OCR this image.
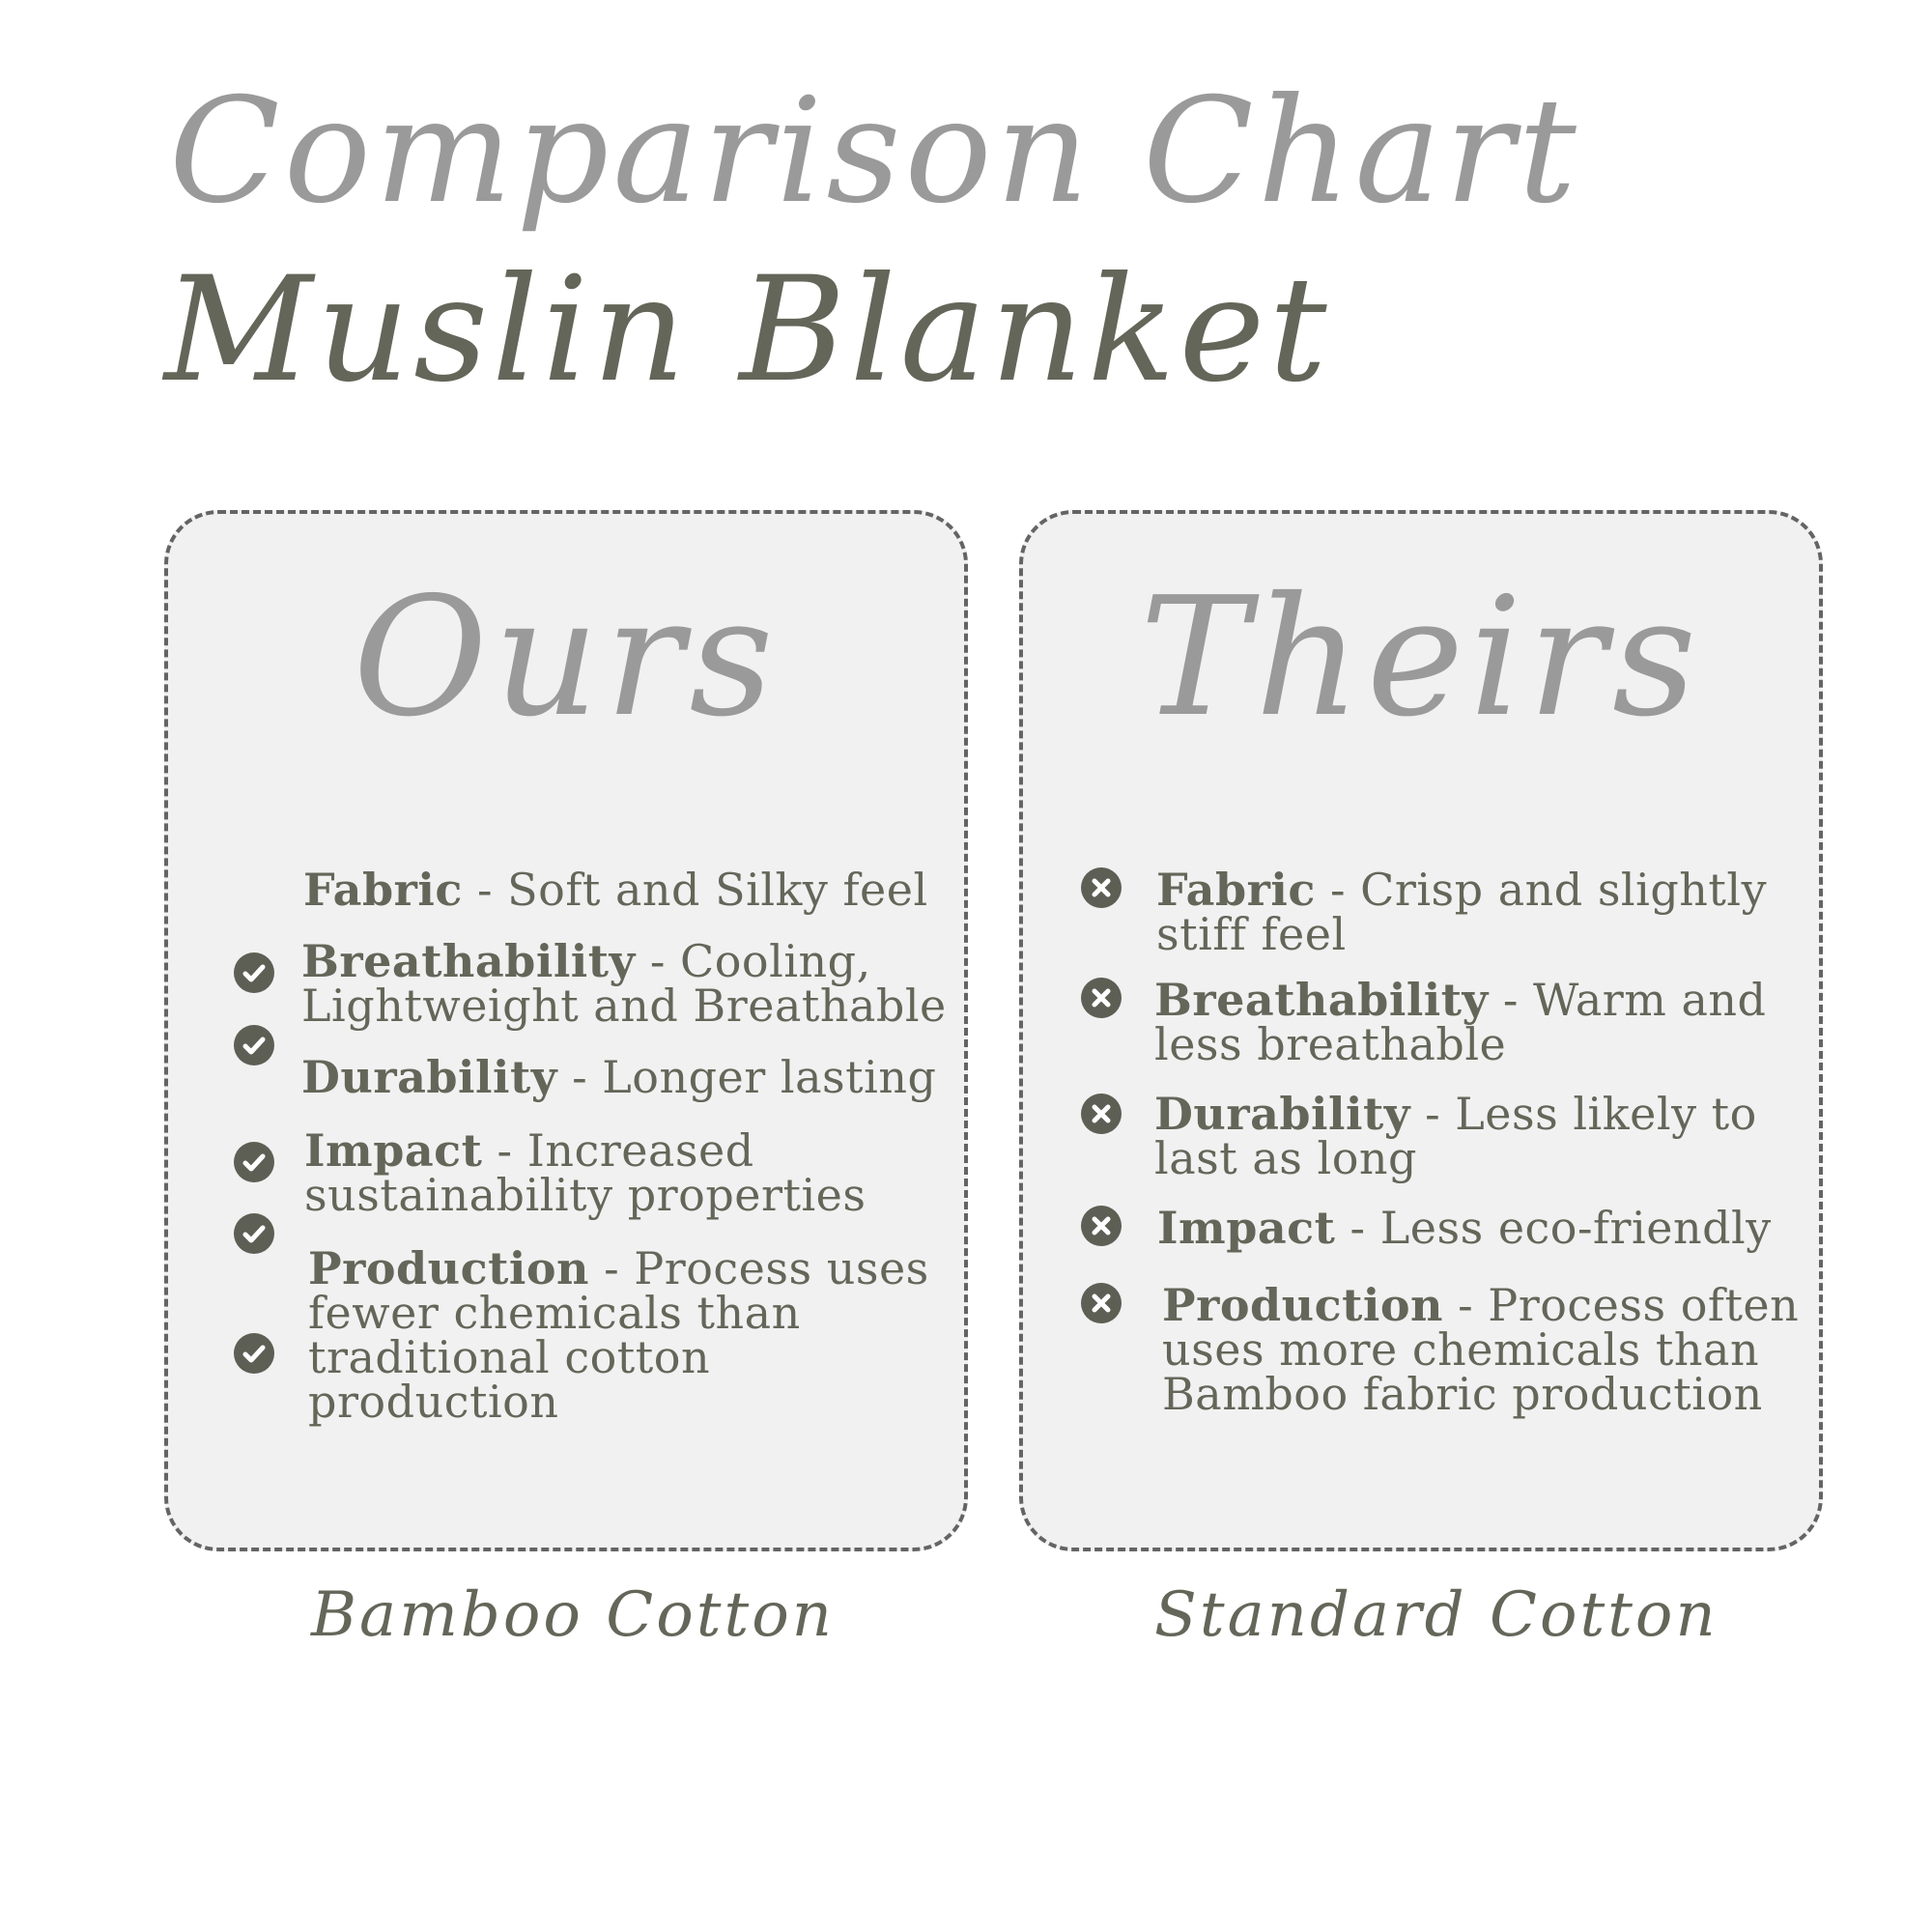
Comparison Chart
Muslin Blanket
Ours
Fabric - Soft and Silky feel
Breathability - Cooling,
Lightweight and Breathable
Durability - Longer lasting
Impact - Increased
sustainability properties
Production - Process uses
fewer chemicals than
traditional cotton production
Theirs
Fabric - Crisp and slightly
stiff feel
Breathability - Warm and
less breathable
Durability - Less likely to
last as long
Impact - Less eco-friendly
Production - Process often
uses more chemicals than
Bamboo fabric production
Bamboo Cotton	Standard Cotton
